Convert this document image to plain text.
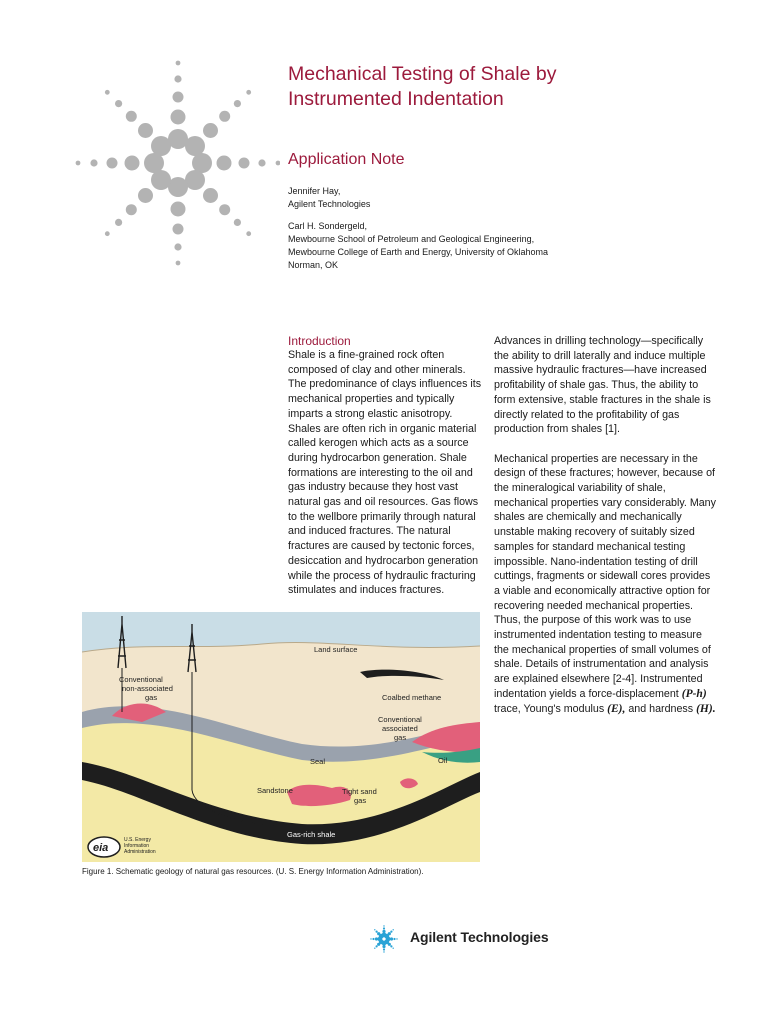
Mechanical Testing of Shale by
Instrumented Indentation
Application Note
Jennifer Hay,
Agilent Technologies
Carl H. Sondergeld,
Mewbourne School of Petroleum and Geological Engineering,
Mewbourne College of Earth and Energy, University of Oklahoma
Norman, OK
Introduction

Shale is a fine-grained rock often composed of clay and other minerals. The predominance of clays influences its mechanical properties and typically imparts a strong elastic anisotropy. Shales are often rich in organic material called kerogen which acts as a source during hydrocarbon generation. Shale formations are interesting to the oil and gas industry because they host vast natural gas and oil resources. Gas flows to the wellbore primarily through natural and induced fractures. The natural fractures are caused by tectonic forces, desiccation and hydrocarbon generation while the process of hydraulic fracturing stimulates and induces fractures.

Advances in drilling technology—specifically the ability to drill laterally and induce multiple massive hydraulic fractures—have increased profitability of shale gas. Thus, the ability to form extensive, stable fractures in the shale is directly related to the profitability of gas production from shales [1].

Mechanical properties are necessary in the design of these fractures; however, because of the mineralogical variability of shale, mechanical properties vary considerably. Many shales are chemically and mechanically unstable making recovery of suitably sized samples for standard mechanical testing impossible. Nano-indentation testing of drill cuttings, fragments or sidewall cores provides a viable and economically attractive option for recovering needed mechanical properties. Thus, the purpose of this work was to use instrumented indentation testing to measure the mechanical properties of small volumes of shale. Details of instrumentation and analysis are explained elsewhere [2-4]. Instrumented indentation yields a force-displacement (P-h) trace, Young's modulus (E), and hardness (H).

Land surface
Conventional
non-associated
gas	Coalbed methane
Conventional
associated
gas
Seal	Oil
Sandstone	Tight sand
gas
Gas-rich shale
eia
U.S. Energy
Information
Administration
Figure 1. Schematic geology of natural gas resources. (U. S. Energy Information Administration).
Agilent Technologies
